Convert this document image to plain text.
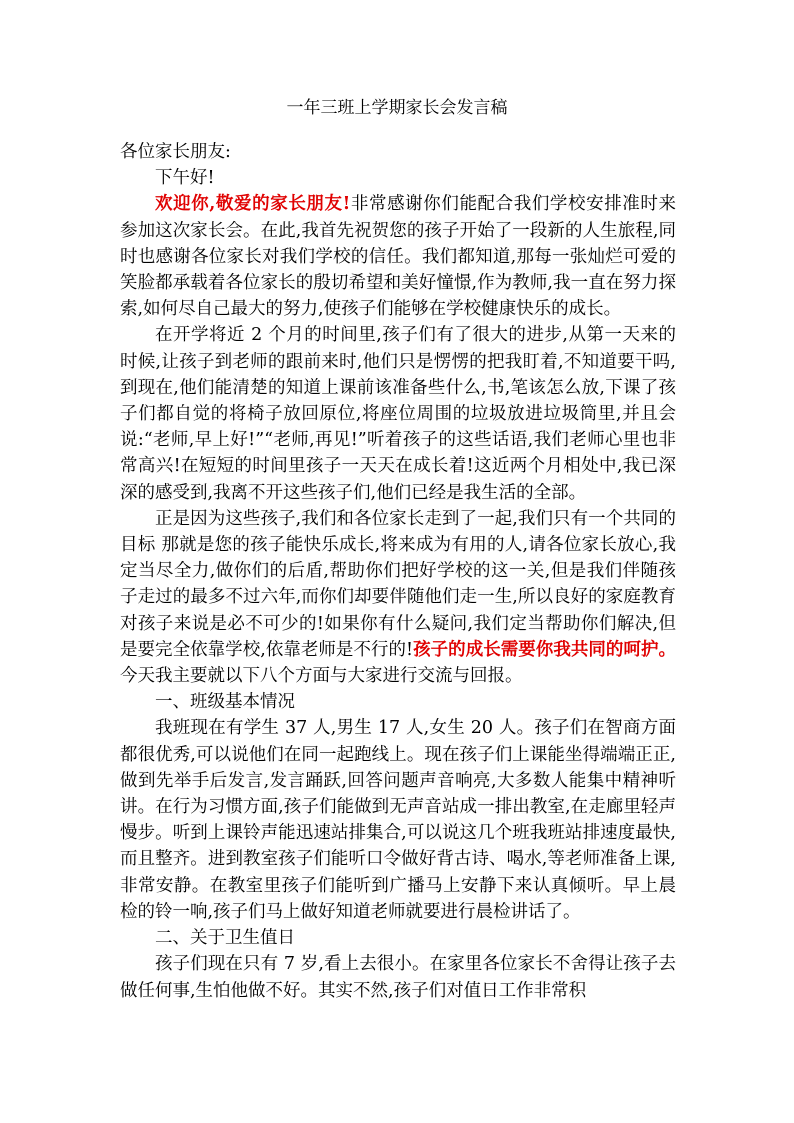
一年三班上学期家长会发言稿

各位家长朋友:

下午好!

欢迎你,敬爱的家长朋友!非常感谢你们能配合我们学校安排准时来参加这次家长会。在此,我首先祝贺您的孩子开始了一段新的人生旅程,同时也感谢各位家长对我们学校的信任。我们都知道,那每一张灿烂可爱的笑脸都承载着各位家长的殷切希望和美好憧憬,作为教师,我一直在努力探索,如何尽自己最大的努力,使孩子们能够在学校健康快乐的成长。

在开学将近 2 个月的时间里,孩子们有了很大的进步,从第一天来的时候,让孩子到老师的跟前来时,他们只是愣愣的把我盯着,不知道要干吗,到现在,他们能清楚的知道上课前该准备些什么,书,笔该怎么放,下课了孩子们都自觉的将椅子放回原位,将座位周围的垃圾放进垃圾筒里,并且会说:“老师,早上好!”“老师,再见!”听着孩子的这些话语,我们老师心里也非常高兴!在短短的时间里孩子一天天在成长着!这近两个月相处中,我已深深的感受到,我离不开这些孩子们,他们已经是我生活的全部。

正是因为这些孩子,我们和各位家长走到了一起,我们只有一个共同的目标 那就是您的孩子能快乐成长,将来成为有用的人,请各位家长放心,我定当尽全力,做你们的后盾,帮助你们把好学校的这一关,但是我们伴随孩子走过的最多不过六年,而你们却要伴随他们走一生,所以良好的家庭教育对孩子来说是必不可少的!如果你有什么疑问,我们定当帮助你们解决,但是要完全依靠学校,依靠老师是不行的!孩子的成长需要你我共同的呵护。今天我主要就以下八个方面与大家进行交流与回报。

一、班级基本情况

我班现在有学生 37 人,男生 17 人,女生 20 人。孩子们在智商方面都很优秀,可以说他们在同一起跑线上。现在孩子们上课能坐得端端正正,做到先举手后发言,发言踊跃,回答问题声音响亮,大多数人能集中精神听讲。在行为习惯方面,孩子们能做到无声音站成一排出教室,在走廊里轻声慢步。听到上课铃声能迅速站排集合,可以说这几个班我班站排速度最快,而且整齐。进到教室孩子们能听口令做好背古诗、喝水,等老师准备上课,非常安静。在教室里孩子们能听到广播马上安静下来认真倾听。早上晨检的铃一响,孩子们马上做好知道老师就要进行晨检讲话了。

二、关于卫生值日

孩子们现在只有 7 岁,看上去很小。在家里各位家长不舍得让孩子去做任何事,生怕他做不好。其实不然,孩子们对值日工作非常积
